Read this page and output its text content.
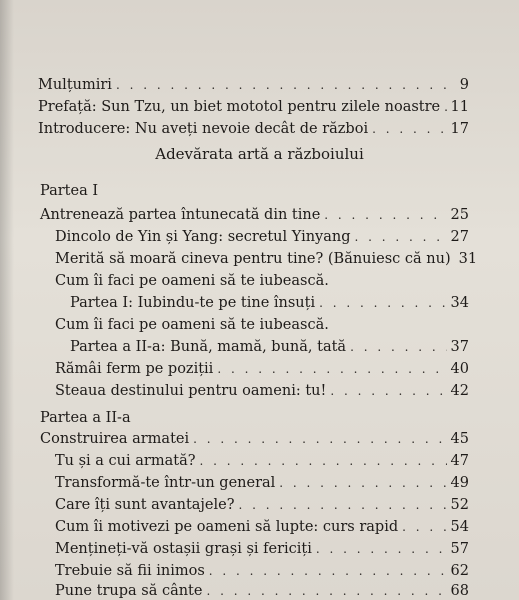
Mulțumiri . . .	9
Prefață: Sun Tzu, un biet mototol pentru zilele noastre . . . 11
Introducere: Nu aveți nevoie decât de război . . .	17
Adevărata artă a războiului
Partea I
Antrenează partea întunecată din tine . . .	25
Dincolo de Yin și Yang: secretul Yinyang . . .	27
Merită să moară cineva pentru tine? (Bănuiesc că nu) 31
Cum îi faci pe oameni să te iubească.
Partea I: Iubindu-te pe tine însuți . . .	34
Cum îi faci pe oameni să te iubească.
Partea a II-a: Bună, mamă, bună, tată . . .	37
Rămâi ferm pe poziții . . .	40
Steaua destinului pentru oameni: tu! . . .	42
Partea a II-a
Construirea armatei . . .	45
Tu și a cui armată? . . .	47
Transformă-te într-un general . . .	49
Care îți sunt avantajele? . . .	52
Cum îi motivezi pe oameni să lupte: curs rapid . . .	54
Menținеți-vă ostașii grași și fericiți . . .	57
Trebuie să fii inimos . . .	62
Pune trupa să cânte . . .	68
